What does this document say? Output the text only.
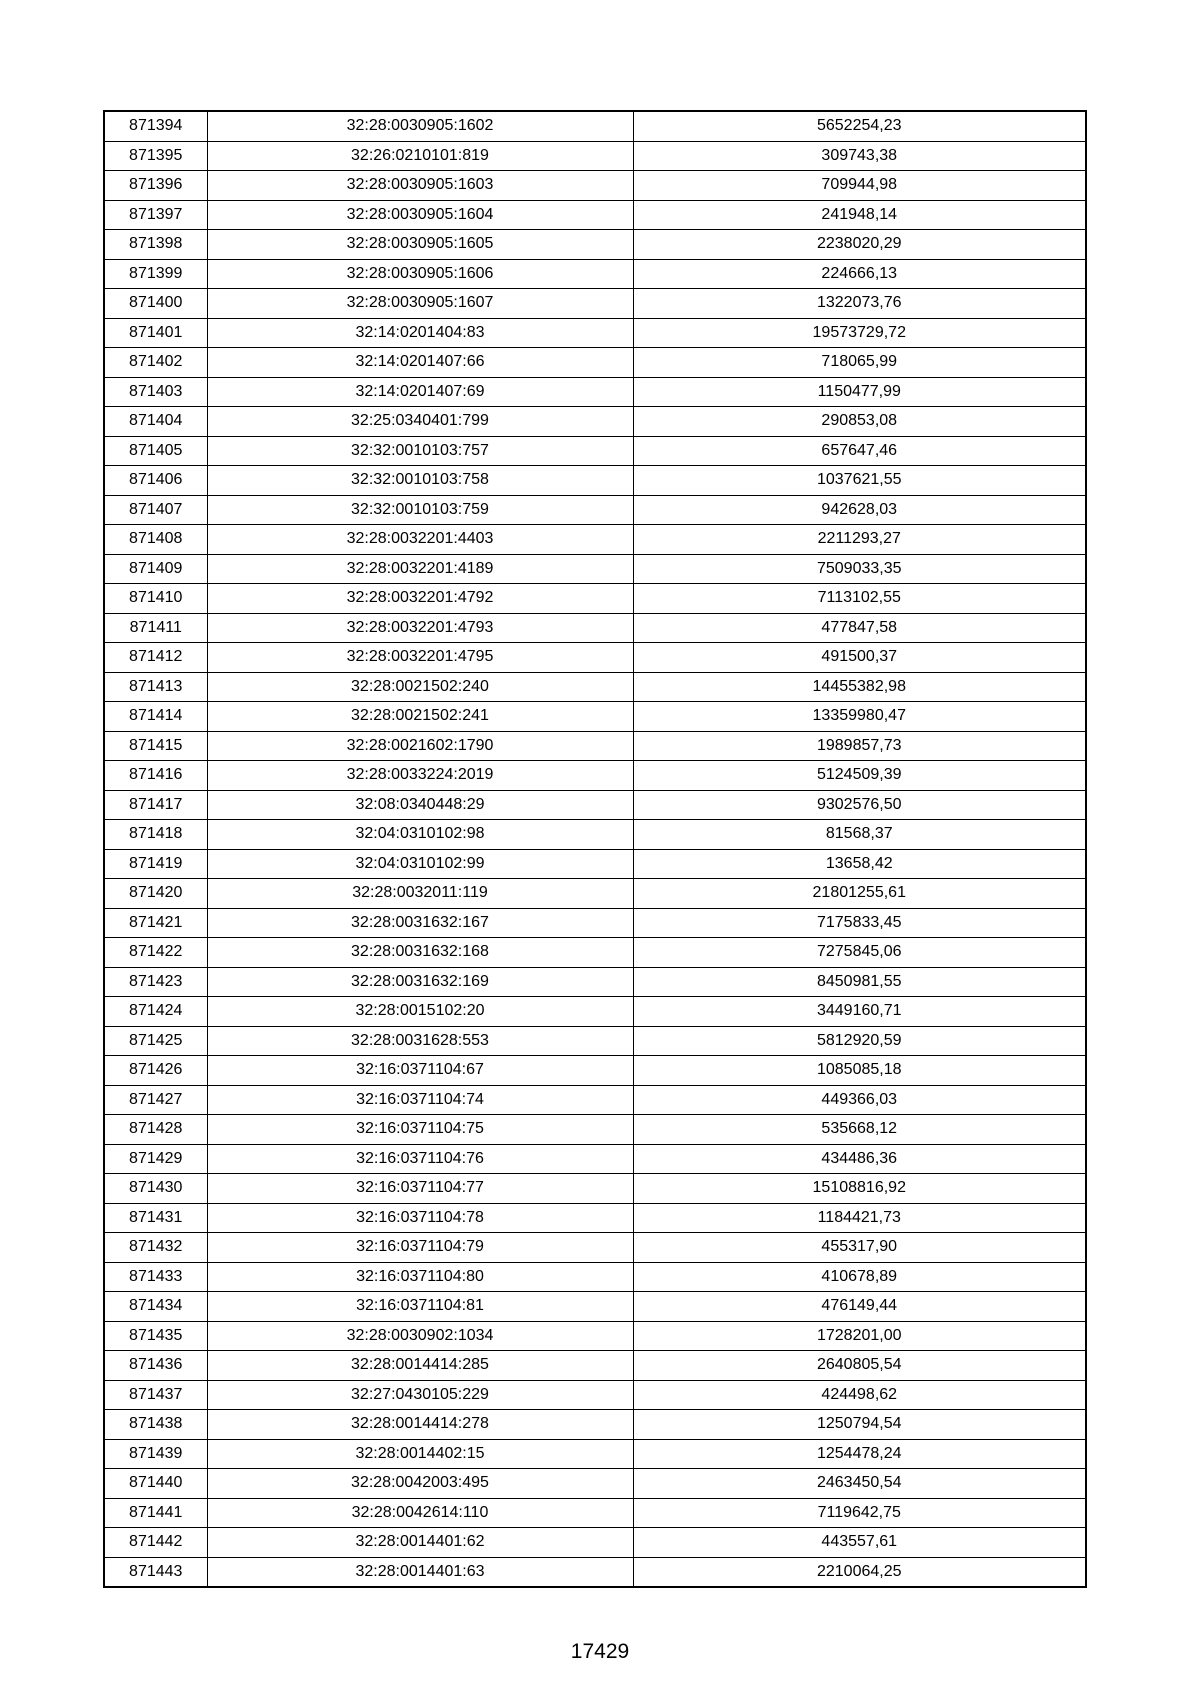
871394	32:28:0030905:1602	5652254,23
871395	32:26:0210101:819	309743,38
871396	32:28:0030905:1603	709944,98
871397	32:28:0030905:1604	241948,14
871398	32:28:0030905:1605	2238020,29
871399	32:28:0030905:1606	224666,13
871400	32:28:0030905:1607	1322073,76
871401	32:14:0201404:83	19573729,72
871402	32:14:0201407:66	718065,99
871403	32:14:0201407:69	1150477,99
871404	32:25:0340401:799	290853,08
871405	32:32:0010103:757	657647,46
871406	32:32:0010103:758	1037621,55
871407	32:32:0010103:759	942628,03
871408	32:28:0032201:4403	2211293,27
871409	32:28:0032201:4189	7509033,35
871410	32:28:0032201:4792	7113102,55
871411	32:28:0032201:4793	477847,58
871412	32:28:0032201:4795	491500,37
871413	32:28:0021502:240	14455382,98
871414	32:28:0021502:241	13359980,47
871415	32:28:0021602:1790	1989857,73
871416	32:28:0033224:2019	5124509,39
871417	32:08:0340448:29	9302576,50
871418	32:04:0310102:98	81568,37
871419	32:04:0310102:99	13658,42
871420	32:28:0032011:119	21801255,61
871421	32:28:0031632:167	7175833,45
871422	32:28:0031632:168	7275845,06
871423	32:28:0031632:169	8450981,55
871424	32:28:0015102:20	3449160,71
871425	32:28:0031628:553	5812920,59
871426	32:16:0371104:67	1085085,18
871427	32:16:0371104:74	449366,03
871428	32:16:0371104:75	535668,12
871429	32:16:0371104:76	434486,36
871430	32:16:0371104:77	15108816,92
871431	32:16:0371104:78	1184421,73
871432	32:16:0371104:79	455317,90
871433	32:16:0371104:80	410678,89
871434	32:16:0371104:81	476149,44
871435	32:28:0030902:1034	1728201,00
871436	32:28:0014414:285	2640805,54
871437	32:27:0430105:229	424498,62
871438	32:28:0014414:278	1250794,54
871439	32:28:0014402:15	1254478,24
871440	32:28:0042003:495	2463450,54
871441	32:28:0042614:110	7119642,75
871442	32:28:0014401:62	443557,61
871443	32:28:0014401:63	2210064,25
17429
